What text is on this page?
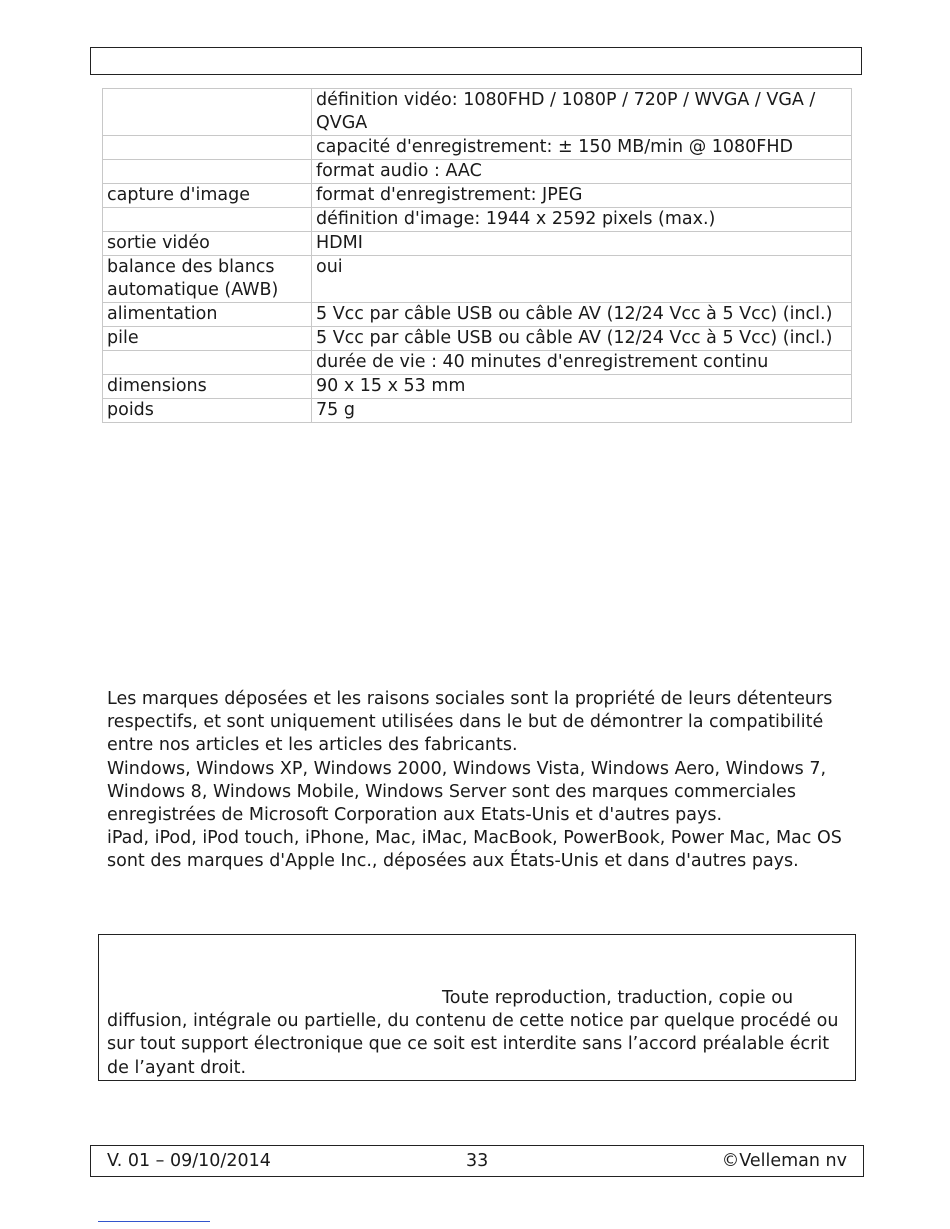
	définition vidéo: 1080FHD / 1080P / 720P / WVGA / VGA / QVGA
	capacité d'enregistrement: ± 150 MB/min @ 1080FHD
	format audio : AAC
capture d'image	format d'enregistrement: JPEG
	définition d'image: 1944 x 2592 pixels (max.)
sortie vidéo	HDMI
balance des blancs automatique (AWB)	oui
alimentation	5 Vcc par câble USB ou câble AV (12/24 Vcc à 5 Vcc) (incl.)
pile	5 Vcc par câble USB ou câble AV (12/24 Vcc à 5 Vcc) (incl.)
	durée de vie : 40 minutes d'enregistrement continu
dimensions	90 x 15 x 53 mm
poids	75 g

Les marques déposées et les raisons sociales sont la propriété de leurs détenteurs respectifs, et sont uniquement utilisées dans le but de démontrer la compatibilité entre nos articles et les articles des fabricants.

Windows, Windows XP, Windows 2000, Windows Vista, Windows Aero, Windows 7, Windows 8, Windows Mobile, Windows Server sont des marques commerciales enregistrées de Microsoft Corporation aux Etats-Unis et d'autres pays.

iPad, iPod, iPod touch, iPhone, Mac, iMac, MacBook, PowerBook, Power Mac, Mac OS sont des marques d'Apple Inc., déposées aux États-Unis et dans d'autres pays.

Toute reproduction, traduction, copie ou diffusion, intégrale ou partielle, du contenu de cette notice par quelque procédé ou sur tout support électronique que ce soit est interdite sans l’accord préalable écrit de l’ayant droit.
V. 01 – 09/10/2014	33	©Velleman nv
